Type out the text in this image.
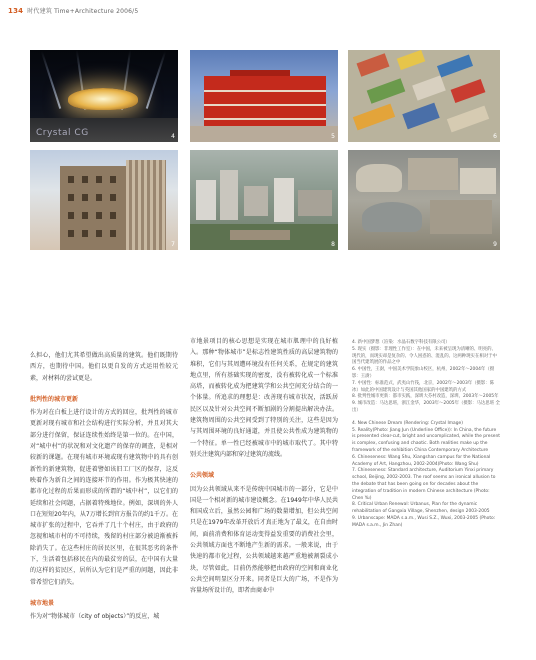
134 时代建筑 Time+Architecture 2006/5
Crystal CG	4	5	6
7	8	9

么担心，他们尤其希望做出高质量的建筑。他们既期待西方，也期待中国。他们以更自发的方式运用性较元素，对材料的尝试更是。

批判性的城市更新

作为对在白板上进行设计的方式的回应，批判性的城市更新对现有城市和社会结构进行实际分析，并且对其大部分进行保留，保证连续性始终是第一位的。在中国，对“城中村”的状况和对文化遗产的保存的调查，是相对较新的课题。在现有城市环境或现有建筑物中的具有创新性的新建筑物，促进着譬如该旧工厂区的保存，这反映着作为新自之间的连接环节的作用。作为极其快速的都市化过程的后果而形成的所谓的“城中村”，以它们的延续和社会问题，占据着特殊地位。例如，深圳的外人口在短短20年内，从7万增长到官方报告的约1千万。在城市扩张的过程中，它吞并了几十个村庄，由于政府的忽视和城市村的不可持续，残留的村庄部分被迫渐被拆除消失了。在这些村庄的居民区里，在很其恶劣的条件下，生活着包括移民在内的最贫穷的层，在中国有大量的这样的贫民区，居所认为它们是严重的问题，因此非常希望它们消失。

城市地景

作为对“物体城市（city of objects）”的反应，城

市地景项目的核心思想是实现在城市肌理中的良好植入。那种“物体城市”是标志性建筑性质的高层建筑物的堆积，它们与其周遭环境没有任何关系，在规定的建筑地点里，所有基础实现的密度，没有被转化成一个标准高塔，而被转化成为把建筑学和公共空间充分结合的一个体量。所追求的理想是：改善现有城市状况，活跃居民区以及针对公共空间不断加剧的分割提出解决办法。建筑物周围的公共空间受到了特别的关注，这些是因为与其周围环境的良好通道，并且使公共性成为建筑物的一个特征。单一性已经被城市中的城市取代了。其中特别关注建筑内部和穿过建筑的流线。

公共领域

因为公共领域从来不是传统中国城市的一部分，它是中国是一个相对新的城市建设概念。在1949年中华人民共和国成立后，虽然公园和广场的数量增加，但公共空间只是在1979年改革开放后才真正地为了最义，在自由时间，面前消费和体育运动变得益发重要的消费社会里，公共领域方面也不断地产生新的需求。一般来说，由于快速的都市化过程，公共领域越来越严重地被割裂成小块，尽管如此，目前仍然能够把由政府的空间和商业化公共空间明显区分开来。同者是巨大的广场，不是作为容量场所设计的，即者由商业中

4. 新中国梦想（渲染：水晶石数字科技有限公司）

5. 现实（摄影：非理性工作室）：在中国，未来被呈现为清晰的、明亮的、现代的，而现实却是复杂的、令人困惑的、混乱的。这两种现实在相对于中国当代建筑展的作品之中

6. 中国性，王澍，中国美术学院象山校区，杭州，2002年～2004年（摄影：王澍）

7. 中国性：标准范式，武夷山竹筏，北京，2002年～2003年（摄影：陈冰）如此的中国建筑设计与英国其他国家的中国建筑的方式

8. 批判性城市更新：都市实践，深圳大芬村改造，深圳，2003年～2005年

9. 城市改造：马达思班，浙江金华，2003年～2005年（摄影：马达思班 全出）

4. New Chinese Dream (Rendering: Crystal Image)

5. Reality(Photo: Jiang Jun (Underline Office)): In China, the future is presented clear-cut, bright and uncomplicated, while the present is complex, confusing and chaotic. Both realities make up the framework of the exhibition China Contemporary Architecture

6. Chineseness: Wang Shu, Xiangshan campus for the National Academy of Art, Hangzhou, 2002-2004(Photo: Wang Shu)

7. Chineseness: Standard architecture, Auditorium Yinxi primary school, Beijing, 2002-2003. The roof seems an ironical allusion to the debate that has been going on for decades about the integration of tradition in modern Chinese architecture (Photo: Chen Yu)

8. Critical Urban Renewal: Urbanus, Plan for the dynamic rehabilitation of Gangxia Village, Shenzhen, design 2003-2005

9. Urbanscape: MADA s.a.m., Wusi S.Z., Wuxi, 2003-2005 (Photo: MADA s.a.m., Jin Zhan)
